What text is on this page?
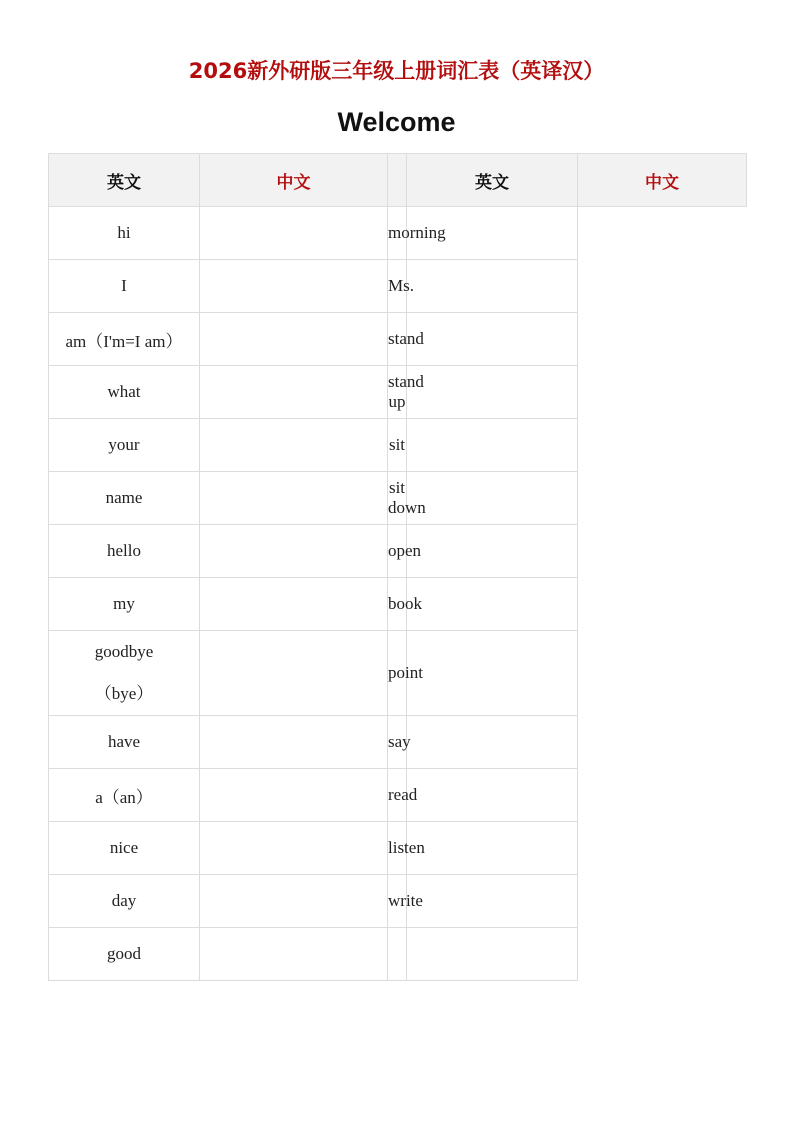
2026新外研版三年级上册词汇表（英译汉）
Welcome
英文	中文		英文	中文
hi		morning		
I		Ms.		
am（I'm=I am）		stand		
what		stand up		
your		sit		
name		sit down		
hello		open		
my		book		

goodbye
（bye）		point		
have		say		
a（an）		read		
nice		listen		
day		write		
good				
